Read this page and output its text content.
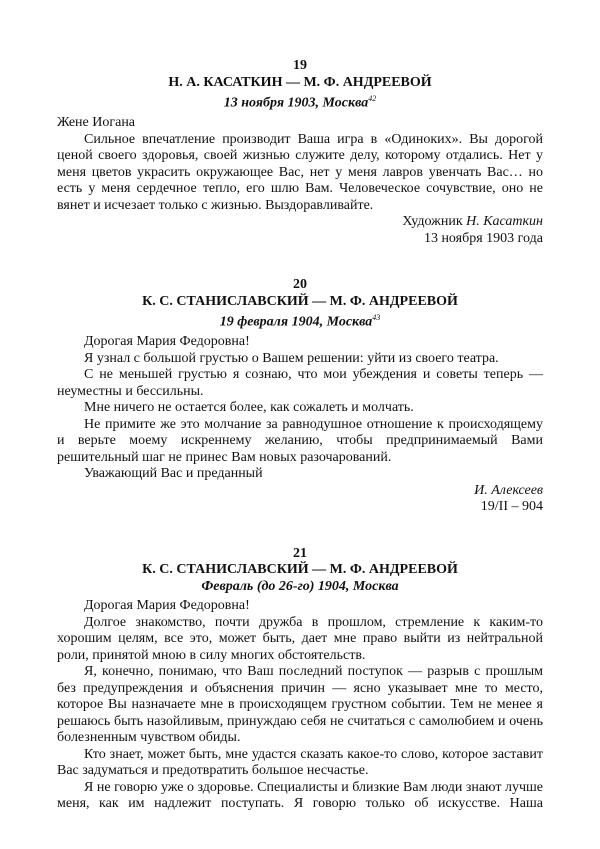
19
Н. А. КАСАТКИН — М. Ф. АНДРЕЕВОЙ
13 ноября 1903, Москва$^{42}$

Жене Иогана

Сильное впечатление производит Ваша игра в «Одиноких». Вы дорогой ценой своего здоровья, своей жизнью служите делу, которому отдались. Нет у меня цветов украсить окружающее Вас, нет у меня лавров увенчать Вас… но есть у меня сердечное тепло, его шлю Вам. Человеческое сочувствие, оно не вянет и исчезает только с жизнью. Выздоравливайте.

Художник Н. Касаткин
13 ноября 1903 года
20
К. С. СТАНИСЛАВСКИЙ — М. Ф. АНДРЕЕВОЙ
19 февраля 1904, Москва$^{43}$

Дорогая Мария Федоровна!

Я узнал с большой грустью о Вашем решении: уйти из своего театра.

С не меньшей грустью я сознаю, что мои убеждения и советы теперь — неуместны и бессильны.

Мне ничего не остается более, как сожалеть и молчать.

Не примите же это молчание за равнодушное отношение к происходящему и верьте моему искреннему желанию, чтобы предпринимаемый Вами решительный шаг не принес Вам новых разочарований.

Уважающий Вас и преданный

И. Алексеев
19/II – 904
21
К. С. СТАНИСЛАВСКИЙ — М. Ф. АНДРЕЕВОЙ
Февраль (до 26-го) 1904, Москва

Дорогая Мария Федоровна!

Долгое знакомство, почти дружба в прошлом, стремление к каким-то хорошим целям, все это, может быть, дает мне право выйти из нейтральной роли, принятой мною в силу многих обстоятельств.

Я, конечно, понимаю, что Ваш последний поступок — разрыв с прошлым без предупреждения и объяснения причин — ясно указывает мне то место, которое Вы назначаете мне в происходящем грустном событии. Тем не менее я решаюсь быть назойливым, принуждаю себя не считаться с самолюбием и очень болезненным чувством обиды.

Кто знает, может быть, мне удастся сказать какое-то слово, которое заставит Вас задуматься и предотвратить большое несчастье.

Я не говорю уже о здоровье. Специалисты и близкие Вам люди знают лучше меня, как им надлежит поступать. Я говорю только об искусстве. Наша
